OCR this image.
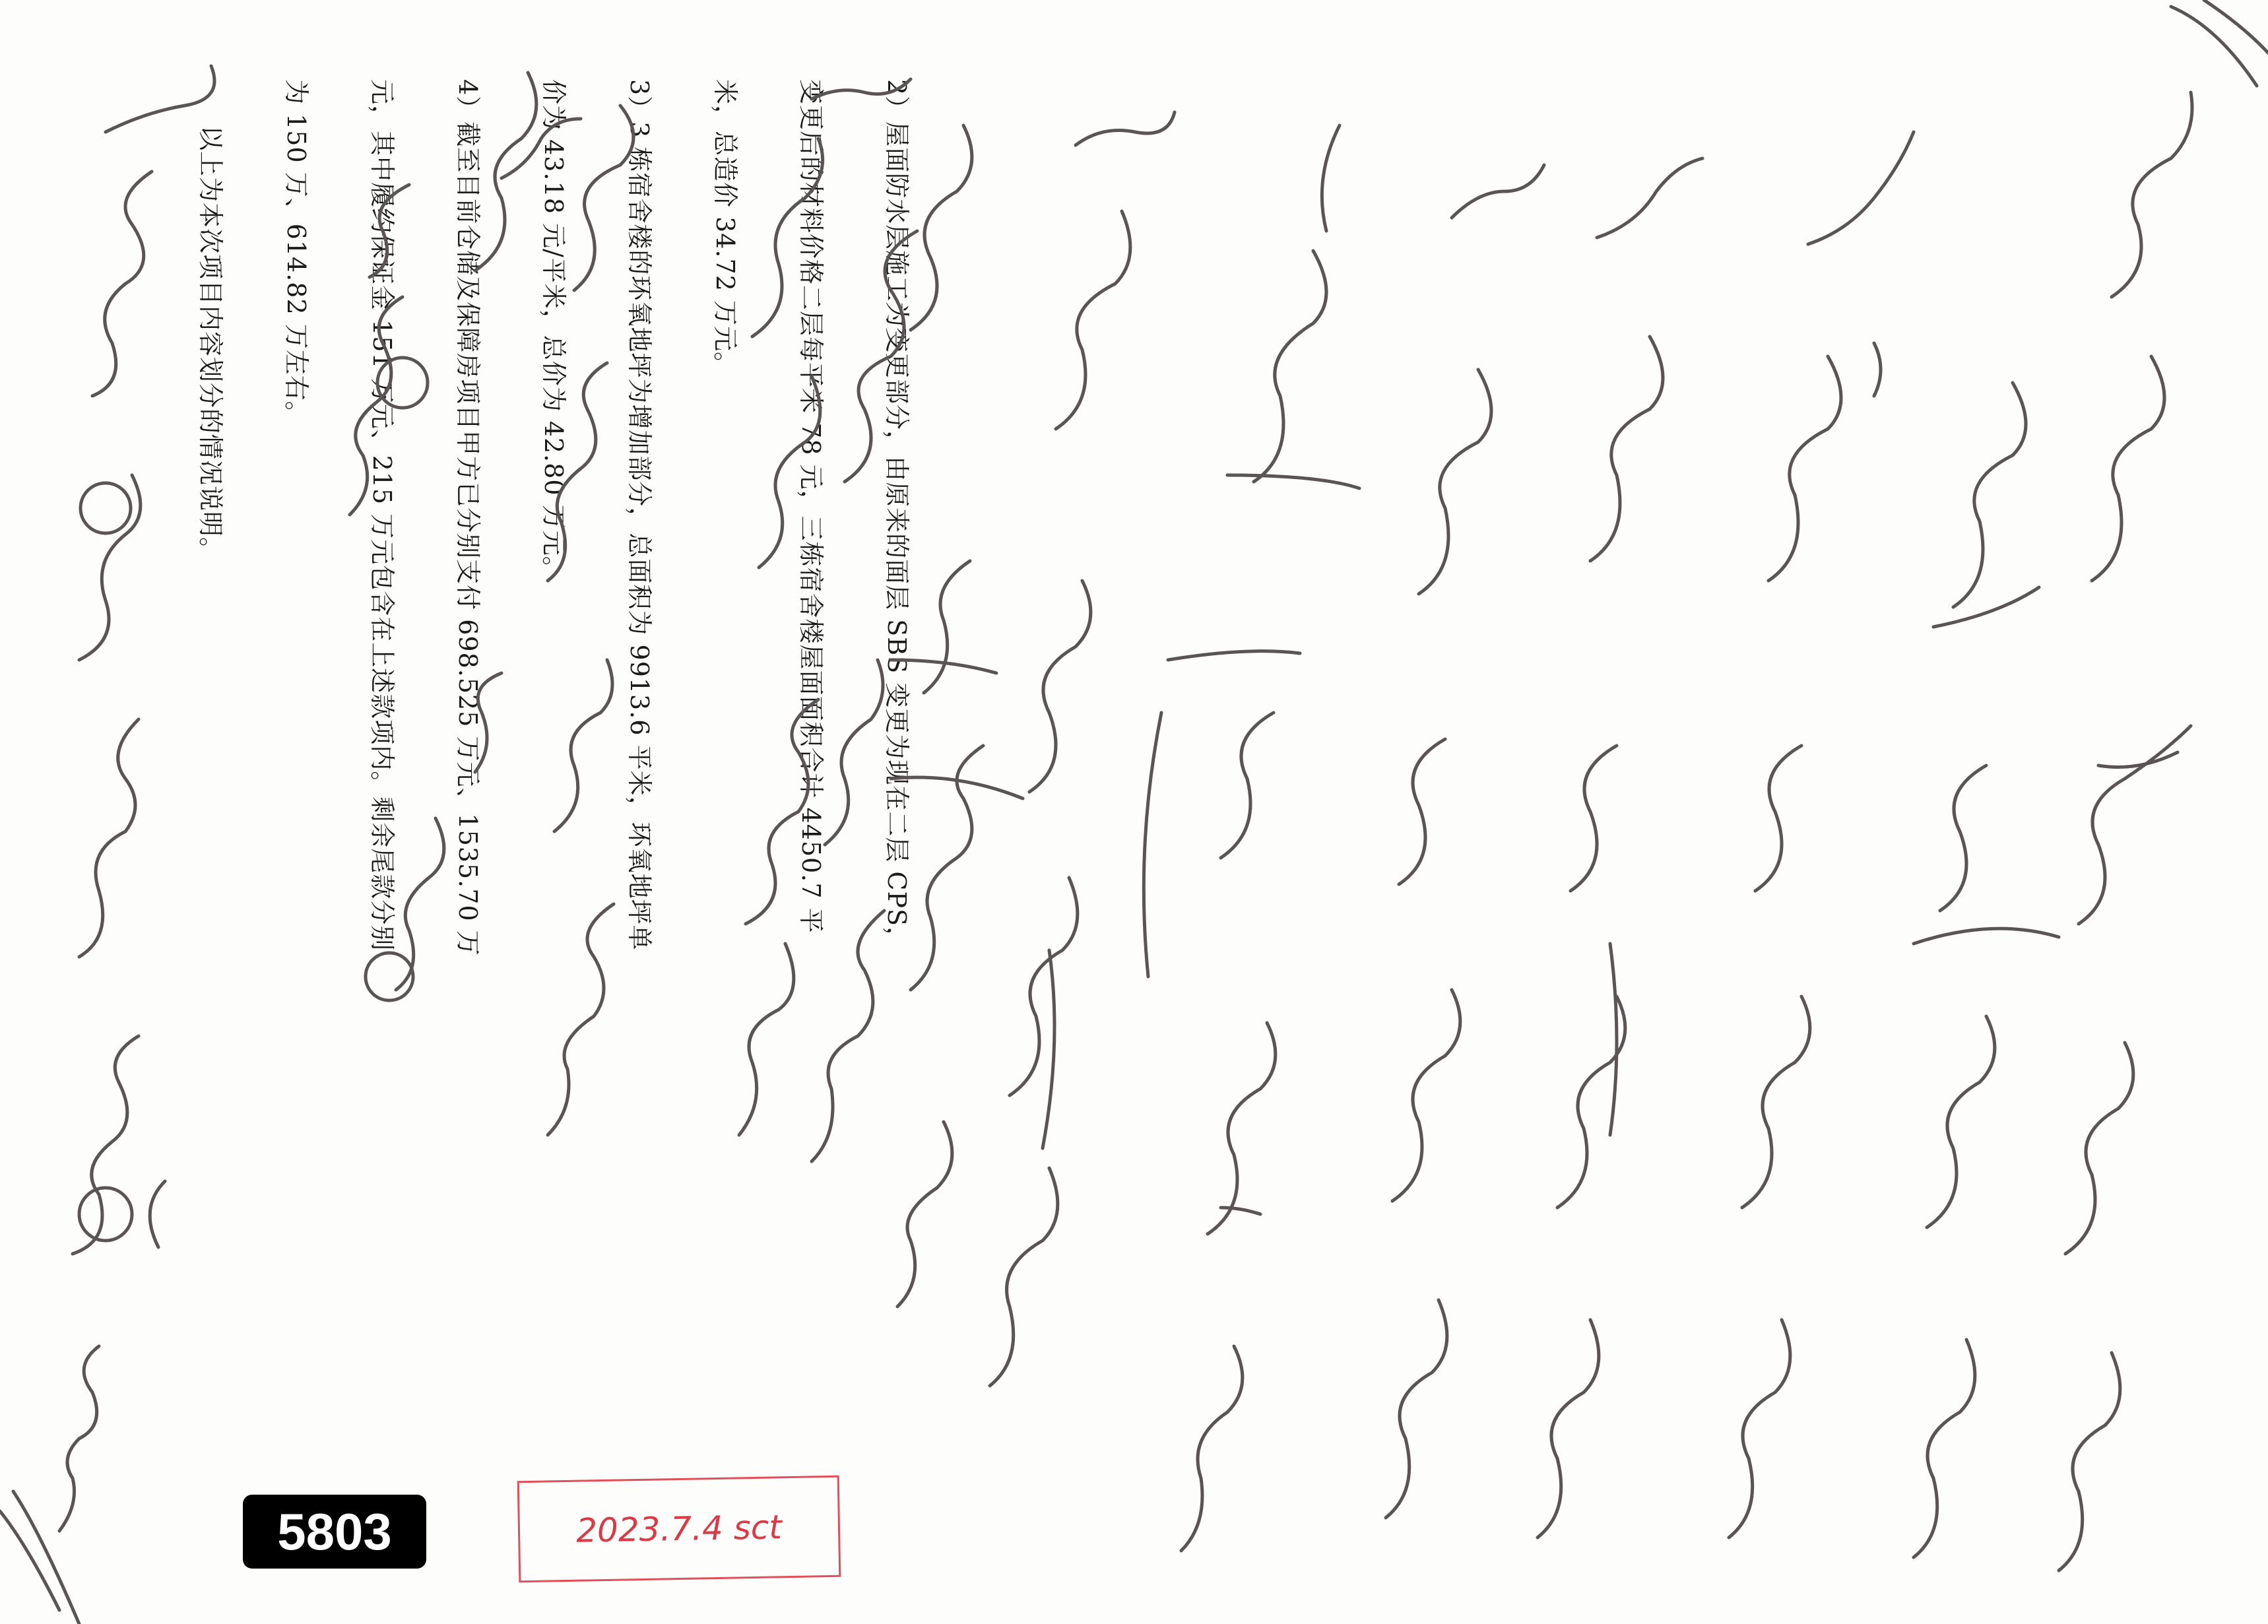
2）屋面防水层施工为变更部分，由原来的面层 SBS 变更为现在二层 CPS，
变更后的材料价格二层每平米 78 元，三栋宿舍楼屋面面积合计 4450.7 平
米，总造价 34.72 万元。
3）3 栋宿舍楼的环氧地坪为增加部分，总面积为 9913.6 平米，环氧地坪单
价为 43.18 元/平米，总价为 42.80 万元。
4）截至目前仓储及保障房项目甲方已分别支付 698.525 万元、1535.70 万
元，其中履约保证金 151 万元、215 万元包含在上述款项内。剩余尾款分别
为 150 万、614.82 万左右。
以上为本次项目内容划分的情况说明。
5803	2023.7.4 sct
